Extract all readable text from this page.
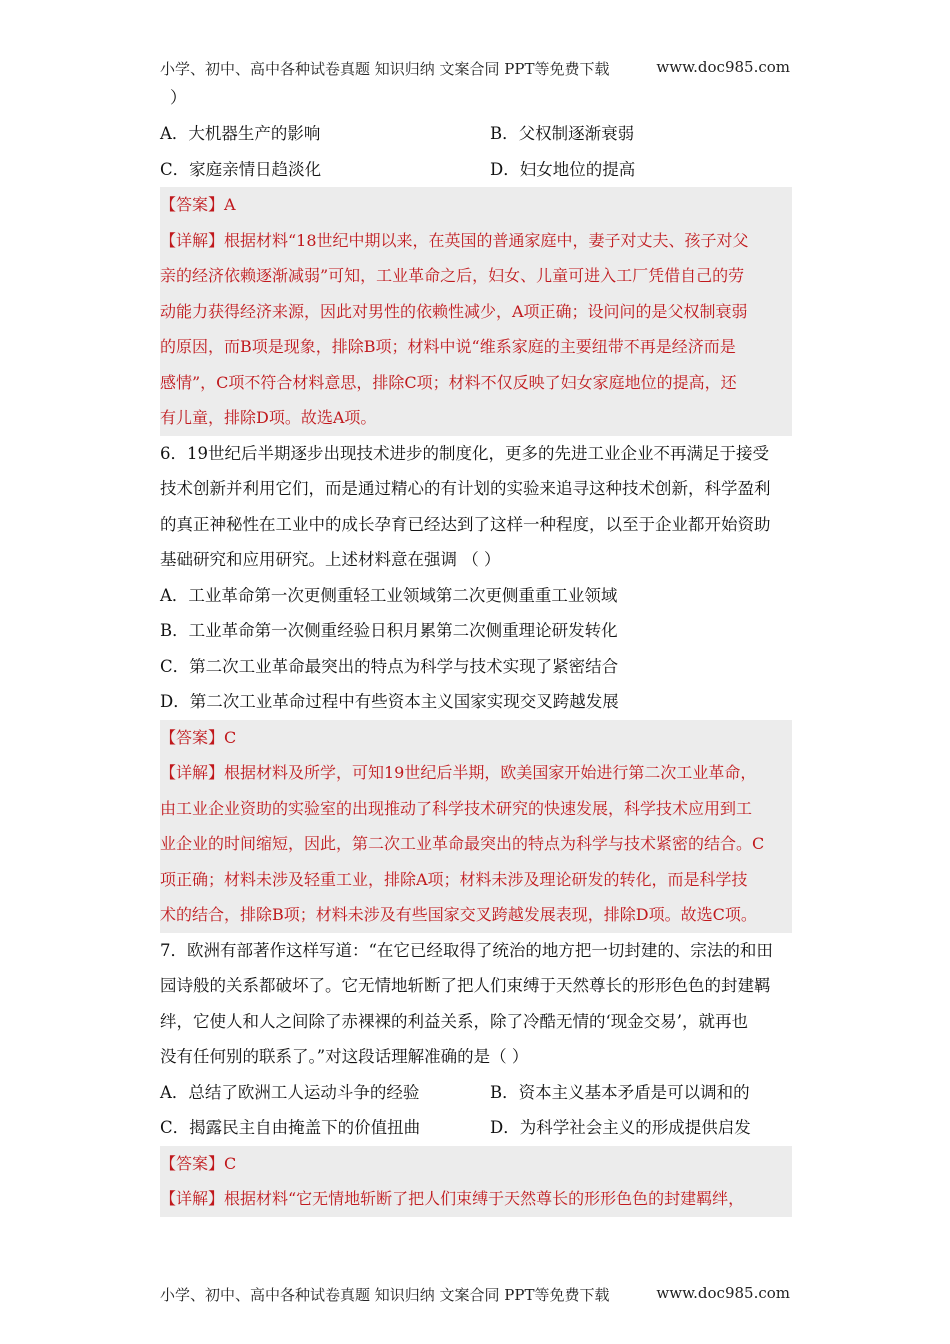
小学、初中、高中各种试卷真题 知识归纳 文案合同 PPT等免费下载	www.doc985.com
）
A．大机器生产的影响	B．父权制逐渐衰弱
C．家庭亲情日趋淡化	D．妇女地位的提高
【答案】A
【详解】根据材料“18世纪中期以来，在英国的普通家庭中，妻子对丈夫、孩子对父
亲的经济依赖逐渐减弱”可知，工业革命之后，妇女、儿童可进入工厂凭借自己的劳
动能力获得经济来源，因此对男性的依赖性减少，A项正确；设问问的是父权制衰弱
的原因，而B项是现象，排除B项；材料中说“维系家庭的主要纽带不再是经济而是
感情”，C项不符合材料意思，排除C项；材料不仅反映了妇女家庭地位的提高，还
有儿童，排除D项。故选A项。
6．19世纪后半期逐步出现技术进步的制度化，更多的先进工业企业不再满足于接受
技术创新并利用它们，而是通过精心的有计划的实验来追寻这种技术创新，科学盈利
的真正神秘性在工业中的成长孕育已经达到了这样一种程度，以至于企业都开始资助
基础研究和应用研究。上述材料意在强调 （ ）
A．工业革命第一次更侧重轻工业领域第二次更侧重重工业领域
B．工业革命第一次侧重经验日积月累第二次侧重理论研发转化
C．第二次工业革命最突出的特点为科学与技术实现了紧密结合
D．第二次工业革命过程中有些资本主义国家实现交叉跨越发展
【答案】C
【详解】根据材料及所学，可知19世纪后半期，欧美国家开始进行第二次工业革命，
由工业企业资助的实验室的出现推动了科学技术研究的快速发展，科学技术应用到工
业企业的时间缩短，因此，第二次工业革命最突出的特点为科学与技术紧密的结合。C
项正确；材料未涉及轻重工业，排除A项；材料未涉及理论研发的转化，而是科学技
术的结合，排除B项；材料未涉及有些国家交叉跨越发展表现，排除D项。故选C项。
7．欧洲有部著作这样写道：“在它已经取得了统治的地方把一切封建的、宗法的和田
园诗般的关系都破坏了。它无情地斩断了把人们束缚于天然尊长的形形色色的封建羁
绊，它使人和人之间除了赤裸裸的利益关系，除了冷酷无情的‘现金交易’，就再也
没有任何别的联系了。”对这段话理解准确的是（ ）
A．总结了欧洲工人运动斗争的经验	B．资本主义基本矛盾是可以调和的
C．揭露民主自由掩盖下的价值扭曲	D．为科学社会主义的形成提供启发
【答案】C
【详解】根据材料“它无情地斩断了把人们束缚于天然尊长的形形色色的封建羁绊，
小学、初中、高中各种试卷真题 知识归纳 文案合同 PPT等免费下载	www.doc985.com
